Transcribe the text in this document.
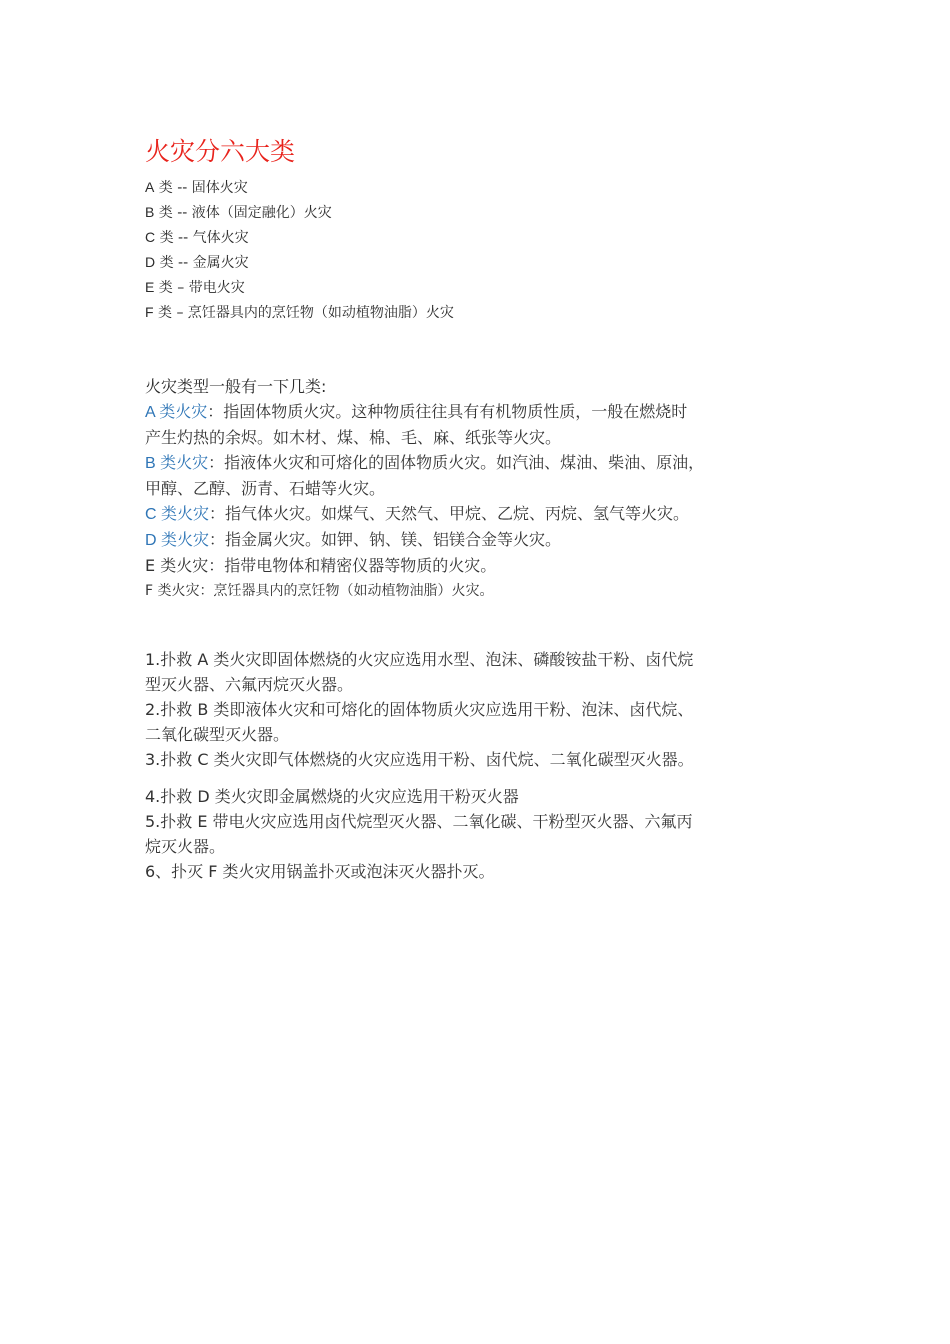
火灾分六大类
A 类 -- 固体火灾
B 类 -- 液体（固定融化）火灾
C 类 -- 气体火灾
D 类 -- 金属火灾
E 类 – 带电火灾
F 类 – 烹饪器具内的烹饪物（如动植物油脂）火灾
火灾类型一般有一下几类:
A 类火灾：指固体物质火灾。这种物质往往具有有机物质性质，一般在燃烧时
产生灼热的余烬。如木材、煤、棉、毛、麻、纸张等火灾。
B 类火灾：指液体火灾和可熔化的固体物质火灾。如汽油、煤油、柴油、原油，
甲醇、乙醇、沥青、石蜡等火灾。
C 类火灾：指气体火灾。如煤气、天然气、甲烷、乙烷、丙烷、氢气等火灾。
D 类火灾：指金属火灾。如钾、钠、镁、铝镁合金等火灾。
E 类火灾：指带电物体和精密仪器等物质的火灾。
F 类火灾：烹饪器具内的烹饪物（如动植物油脂）火灾。
1.扑救 A 类火灾即固体燃烧的火灾应选用水型、泡沫、磷酸铵盐干粉、卤代烷
型灭火器、六氟丙烷灭火器。
2.扑救 B 类即液体火灾和可熔化的固体物质火灾应选用干粉、泡沫、卤代烷、
二氧化碳型灭火器。
3.扑救 C 类火灾即气体燃烧的火灾应选用干粉、卤代烷、二氧化碳型灭火器。
4.扑救 D 类火灾即金属燃烧的火灾应选用干粉灭火器
5.扑救 E 带电火灾应选用卤代烷型灭火器、二氧化碳、干粉型灭火器、六氟丙
烷灭火器。
6、扑灭 F 类火灾用锅盖扑灭或泡沫灭火器扑灭。
